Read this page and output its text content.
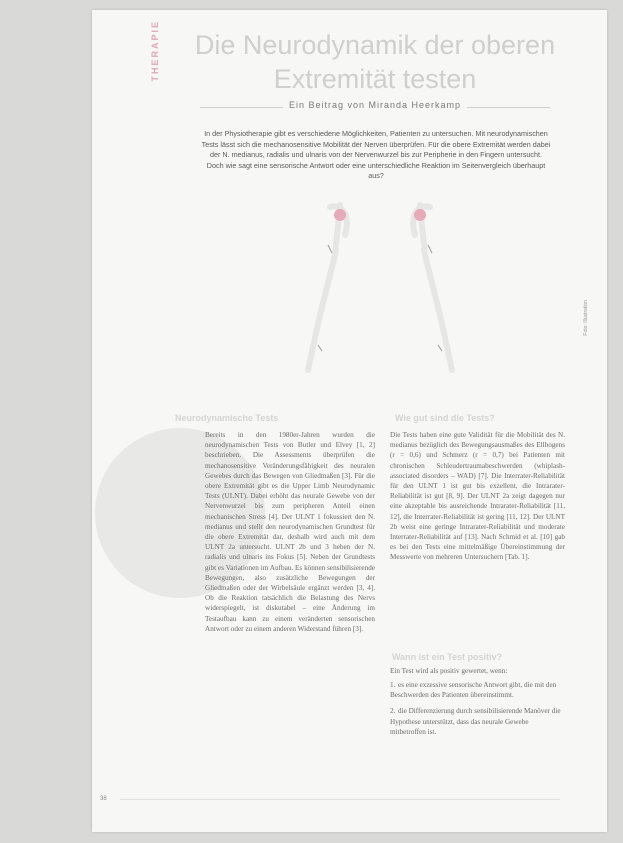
THERAPIE	Die Neurodynamik der oberen Extremität testen
Ein Beitrag von Miranda Heerkamp
In der Physiotherapie gibt es verschiedene Möglichkeiten, Patienten zu untersuchen. Mit neurodynamischen Tests lässt sich die mechanosensitive Mobilität der Nerven überprüfen. Für die obere Extremität werden dabei der N. medianus, radialis und ulnaris von der Nervenwurzel bis zur Peripherie in den Fingern untersucht. Doch wie sagt eine sensorische Antwort oder eine unterschiedliche Reaktion im Seitenvergleich überhaupt aus?
Foto: Illustration
Neurodynamische Tests	Wie gut sind die Tests?
Bereits in den 1980er-Jahren wurden die neurodynamischen Tests von Butler und Elvey [1, 2] beschrieben. Die Assessments überprüfen die mechanosensitive Veränderungsfähigkeit des neuralen Gewebes durch das Bewegen von Gliedmaßen [3]. Für die obere Extremität gibt es die Upper Limb Neurodynamic Tests (ULNT). Dabei erhöht das neurale Gewebe von der Nervenwurzel bis zum peripheren Anteil einen mechanischen Stress [4]. Der ULNT 1 fokussiert den N. medianus und stellt den neurodynamischen Grundtest für die obere Extremität dar, deshalb wird auch mit dem ULNT 2a untersucht. ULNT 2b und 3 heben der N. radialis und ulnaris ins Fokus [5]. Neben der Grundtests gibt es Variationen im Aufbau. Es können sensibilisierende Bewegungen, also zusätzliche Bewegungen der Gliedmaßen oder der Wirbelsäule ergänzt werden [3, 4]. Ob die Reaktion tatsächlich die Belastung des Nervs widerspiegelt, ist diskutabel – eine Änderung im Testaufbau kann zu einem veränderten sensorischen Antwort oder zu einem anderen Widerstand führen [3].
Die Tests haben eine gute Validität für die Mobilität des N. medianus bezüglich des Bewegungsausmaßes des Ellbogens (r = 0,6) und Schmerz (r = 0,7) bei Patienten mit chronischen Schleudertraumabeschwerden (whiplash-associated disorders – WAD) [7]. Die Interrater-Reliabilität für den ULNT 1 ist gut bis exzellent, die Intrarater-Reliabilität ist gut [8, 9]. Der ULNT 2a zeigt dagegen nur eine akzeptable bis ausreichende Intrarater-Reliabilität [11, 12], die Interrater-Reliabilität ist gering [11, 12]. Der ULNT 2b weist eine geringe Intrarater-Reliabilität und moderate Interrater-Reliabilität auf [13]. Nach Schmid et al. [10] gab es bei den Tests eine mittelmäßige Übereinstimmung der Messwerte von mehreren Untersuchern [Tab. 1].
Wann ist ein Test positiv?
Ein Test wird als positiv gewertet, wenn:
1. es eine exzessive sensorische Antwort gibt, die mit den Beschwerden des Patienten übereinstimmt.
2. die Differenzierung durch sensibilisierende Manöver die Hypothese unterstützt, dass das neurale Gewebe mitbetroffen ist.
38
